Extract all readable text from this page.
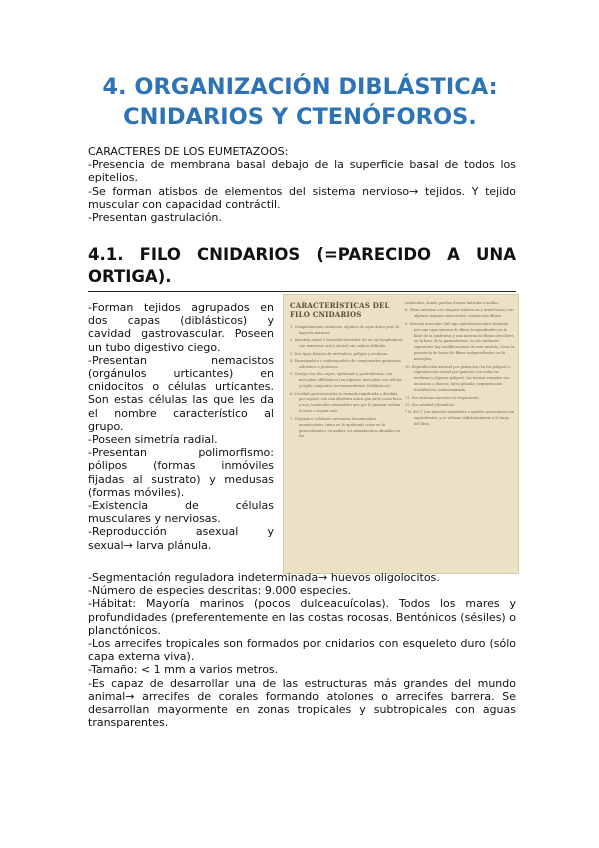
4. ORGANIZACIÓN DIBLÁSTICA:
CNIDARIOS Y CTENÓFOROS.

CARACTERES DE LOS EUMETAZOOS:

-Presencia de membrana basal debajo de la superficie basal de todos los epitelios.

-Se forman atisbos de elementos del sistema nervioso→ tejidos. Y tejido muscular con capacidad contráctil.

-Presentan gastrulación.

4.1. FILO CNIDARIOS (=PARECIDO A UNA ORTIGA).

-Forman tejidos agrupados en

dos capas (diblásticos) y

cavidad gastrovascular. Poseen

un tubo digestivo ciego.

-Presentan nemacistos

(orgánulos urticantes) en

cnidocitos o células urticantes.

Son estas células las que les da

el nombre característico al

grupo.

-Poseen simetría radial.

-Presentan polimorfismo:

pólipos (formas inmóviles

fijadas al sustrato) y medusas

(formas móviles).

-Existencia de células

musculares y nerviosas.

-Reproducción asexual y

sexual→ larva plánula.

CARACTERÍSTICAS DEL
FILO CNIDARIOS
1. Completamente acuáticos, algunos de agua dulce pero la mayoría marinos.
2. Simetría radial o birradial alrededor de un eje longitudinal con extremos oral y aboral; sin cabeza definida.
3. Dos tipos básicos de individuos: pólipos y medusas.
4. Exoesqueleto o endoesqueleto de componentes quitinosos, calcáreos o proteicos.
5. Cuerpo con dos capas, epidermis y gastrodermis, con mesoglea (diblásticos) en algunos, mesoglea con células y tejido conjuntivo (ectomesodermo) (triblásticos).
6. Cavidad gastrovascular (a menudo ramificada o dividida por septos) con una abertura única que sirve como boca y ano; tentáculos extensibles que por lo general rodean la boca o región oral.
7. Orgánulos celulares urticantes denominados nematocistos, tanto en la epidermis como en la gastrodermis o en ambos; los nematocistos abundan en los
tentáculos, donde pueden formar baterías o anillos.
8. Plexo nervioso con sinapsis simétricas y asimétricas; con algunos órganos sensoriales; conducción difusa.
9. Sistema muscular (del tipo epiteliomuscular) formado por una capa externa de fibras longitudinales en la base de la epidermis y una interna de fibras circulares en la base de la gastrodermis; en los cnidarios superiores hay modificaciones de este modelo, como la presencia de haces de fibras independientes en la mesoglea.
10. Reproducción asexual por gemación (en los pólipos) o reproducción sexual por gametos (en todas las medusas y algunos pólipos); las formas sexuales son monoicas o dioicas; larva plánula; segmentación holoblástica, indeterminada.
11. Sin sistemas excretor ni respiratorio.
12. Sin cavidad celomática.
* N. del T. Las músculo-epiteliales o epitelio musculares son equivalentes, y se utilizan indistintamente a lo largo del libro.

-Segmentación reguladora indeterminada→ huevos oligolocitos.

-Número de especies descritas: 9.000 especies.

-Hábitat: Mayoría marinos (pocos dulceacuícolas). Todos los mares y profundidades (preferentemente en las costas rocosas. Bentónicos (sésiles) o planctónicos.

-Los arrecifes tropicales son formados por cnidarios con esqueleto duro (sólo capa externa viva).

-Tamaño: < 1 mm a varios metros.

-Es capaz de desarrollar una de las estructuras más grandes del mundo animal→ arrecifes de corales formando atolones o arrecifes barrera. Se desarrollan mayormente en zonas tropicales y subtropicales con aguas transparentes.
